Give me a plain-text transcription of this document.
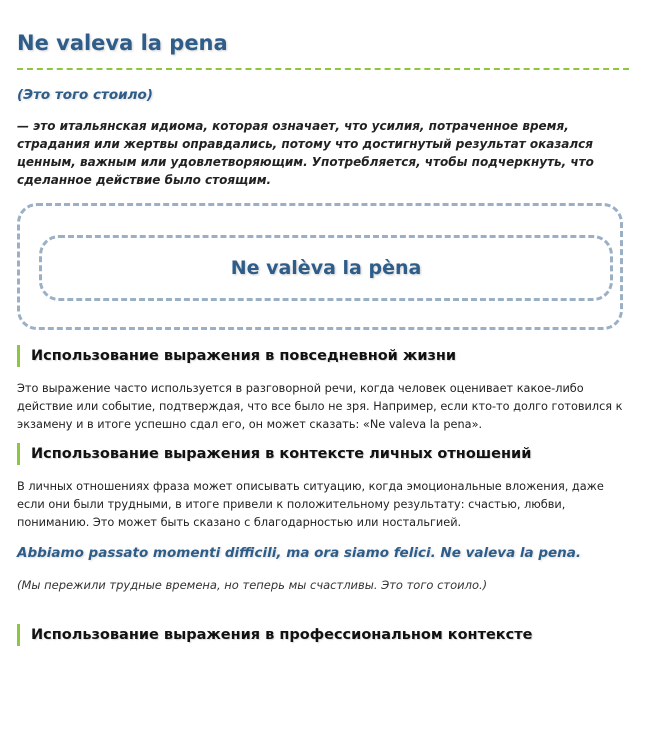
Ne valeva la pena
(Это того стоило)
— это итальянская идиома, которая означает, что усилия, потраченное время, страдания или жертвы оправдались, потому что достигнутый результат оказался ценным, важным или удовлетворяющим. Употребляется, чтобы подчеркнуть, что сделанное действие было стоящим.
Ne valèva la pèna
Использование выражения в повседневной жизни
Это выражение часто используется в разговорной речи, когда человек оценивает какое-либо действие или событие, подтверждая, что все было не зря. Например, если кто-то долго готовился к экзамену и в итоге успешно сдал его, он может сказать: «Ne valeva la pena».
Использование выражения в контексте личных отношений
В личных отношениях фраза может описывать ситуацию, когда эмоциональные вложения, даже если они были трудными, в итоге привели к положительному результату: счастью, любви, пониманию. Это может быть сказано с благодарностью или ностальгией.
Abbiamo passato momenti difficili, ma ora siamo felici. Ne valeva la pena.
(Мы пережили трудные времена, но теперь мы счастливы. Это того стоило.)
Использование выражения в профессиональном контексте
